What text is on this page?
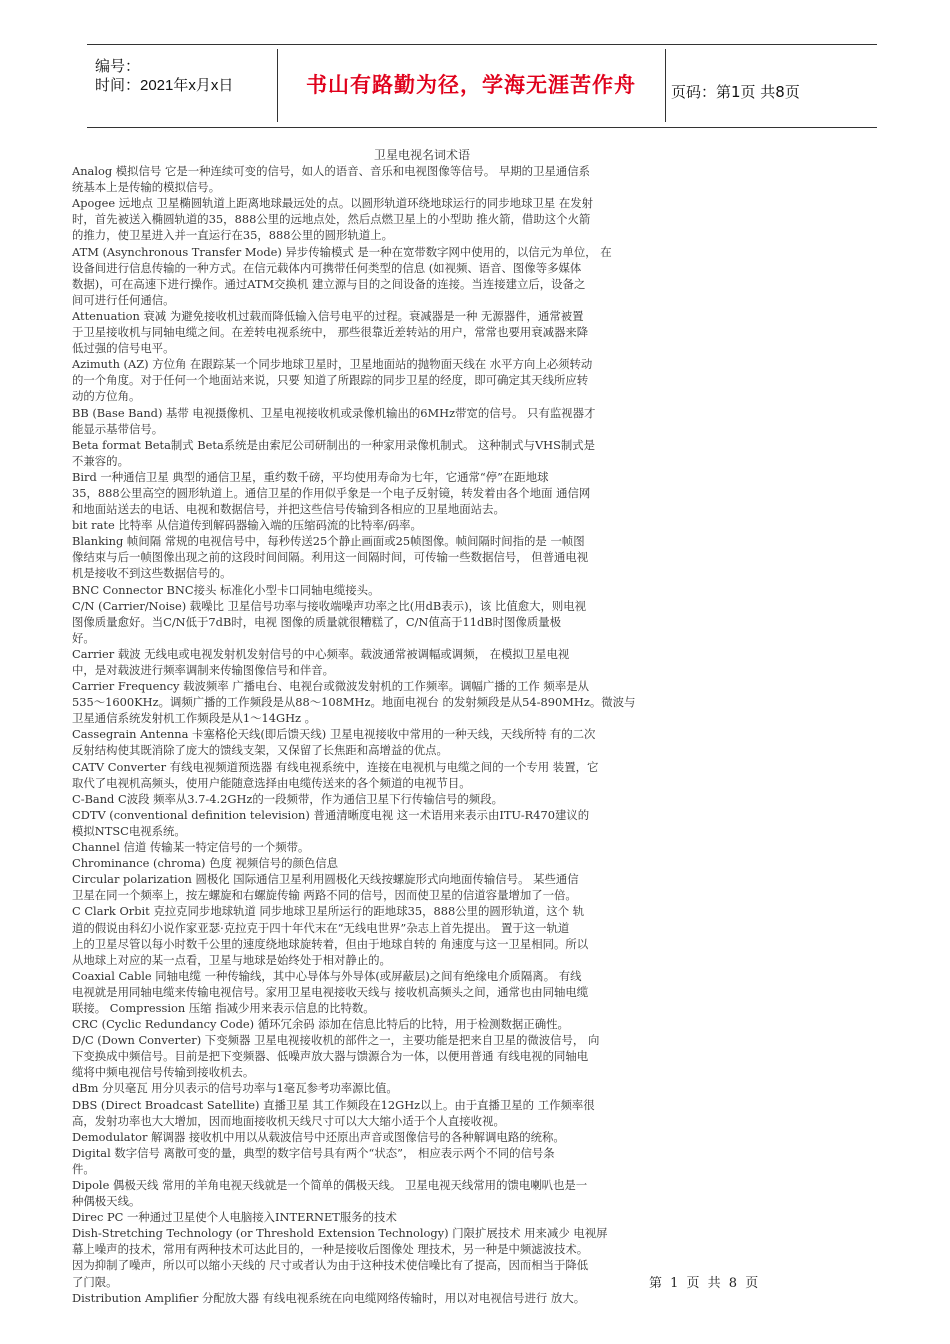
编号：
时间：2021年x月x日	书山有路勤为径，学海无涯苦作舟	页码：第1页 共8页
卫星电视名词术语

Analog 模拟信号 它是一种连续可变的信号，如人的语音、音乐和电视图像等信号。 早期的卫星通信系
统基本上是传输的模拟信号。

Apogee 远地点 卫星椭圆轨道上距离地球最远处的点。以圆形轨道环绕地球运行的同步地球卫星 在发射
时，首先被送入椭圆轨道的35，888公里的远地点处，然后点燃卫星上的小型助 推火箭，借助这个火箭
的推力，使卫星进入并一直运行在35，888公里的圆形轨道上。

ATM (Asynchronous Transfer Mode) 异步传输模式 是一种在宽带数字网中使用的，以信元为单位， 在
设备间进行信息传输的一种方式。在信元载体内可携带任何类型的信息 (如视频、语音、图像等多媒体
数据)，可在高速下进行操作。通过ATM交换机 建立源与目的之间设备的连接。当连接建立后，设备之
间可进行任何通信。

Attenuation 衰减 为避免接收机过载而降低输入信号电平的过程。衰减器是一种 无源器件，通常被置
于卫星接收机与同轴电缆之间。在差转电视系统中， 那些很靠近差转站的用户，常常也要用衰减器来降
低过强的信号电平。

Azimuth (AZ) 方位角 在跟踪某一个同步地球卫星时，卫星地面站的抛物面天线在 水平方向上必须转动
的一个角度。对于任何一个地面站来说，只要 知道了所跟踪的同步卫星的经度，即可确定其天线所应转
动的方位角。

BB (Base Band) 基带 电视摄像机、卫星电视接收机或录像机输出的6MHz带宽的信号。 只有监视器才
能显示基带信号。

Beta format Beta制式 Beta系统是由索尼公司研制出的一种家用录像机制式。 这种制式与VHS制式是
不兼容的。

Bird 一种通信卫星 典型的通信卫星，重约数千磅，平均使用寿命为七年，它通常“停”在距地球
35，888公里高空的圆形轨道上。通信卫星的作用似乎象是一个电子反射镜，转发着由各个地面 通信网
和地面站送去的电话、电视和数据信号，并把这些信号传输到各相应的卫星地面站去。

bit rate 比特率 从信道传到解码器输入端的压缩码流的比特率/码率。

Blanking 帧间隔 常规的电视信号中，每秒传送25个静止画面或25帧图像。帧间隔时间指的是 一帧图
像结束与后一帧图像出现之前的这段时间间隔。利用这一间隔时间，可传输一些数据信号， 但普通电视
机是接收不到这些数据信号的。

BNC Connector BNC接头 标准化小型卡口同轴电缆接头。

C/N (Carrier/Noise) 载噪比 卫星信号功率与接收端噪声功率之比(用dB表示)，该 比值愈大，则电视
图像质量愈好。当C/N低于7dB时，电视 图像的质量就很糟糕了，C/N值高于11dB时图像质量极
好。

Carrier 载波 无线电或电视发射机发射信号的中心频率。载波通常被调幅或调频， 在模拟卫星电视
中，是对载波进行频率调制来传输图像信号和伴音。

Carrier Frequency 载波频率 广播电台、电视台或微波发射机的工作频率。调幅广播的工作 频率是从
535～1600KHz。调频广播的工作频段是从88～108MHz。地面电视台 的发射频段是从54-890MHz。微波与
卫星通信系统发射机工作频段是从1～14GHz 。

Cassegrain Antenna 卡塞格伦天线(即后馈天线) 卫星电视接收中常用的一种天线，天线所特 有的二次
反射结构使其既消除了庞大的馈线支架，又保留了长焦距和高增益的优点。

CATV Converter 有线电视频道预选器 有线电视系统中，连接在电视机与电缆之间的一个专用 装置，它
取代了电视机高频头，使用户能随意选择由电缆传送来的各个频道的电视节目。

C-Band C波段 频率从3.7-4.2GHz的一段频带，作为通信卫星下行传输信号的频段。

CDTV (conventional definition television) 普通清晰度电视 这一术语用来表示由ITU-R470建议的
模拟NTSC电视系统。

Channel 信道 传输某一特定信号的一个频带。

Chrominance (chroma) 色度 视频信号的颜色信息

Circular polarization 圆极化 国际通信卫星利用圆极化天线按螺旋形式向地面传输信号。 某些通信
卫星在同一个频率上，按左螺旋和右螺旋传输 两路不同的信号，因而使卫星的信道容量增加了一倍。

C Clark Orbit 克拉克同步地球轨道 同步地球卫星所运行的距地球35，888公里的圆形轨道，这个 轨
道的假说由科幻小说作家亚瑟·克拉克于四十年代末在“无线电世界”杂志上首先提出。 置于这一轨道
上的卫星尽管以每小时数千公里的速度绕地球旋转着，但由于地球自转的 角速度与这一卫星相同。所以
从地球上对应的某一点看，卫星与地球是始终处于相对静止的。

Coaxial Cable 同轴电缆 一种传输线，其中心导体与外导体(或屏蔽层)之间有绝缘电介质隔离。 有线
电视就是用同轴电缆来传输电视信号。家用卫星电视接收天线与 接收机高频头之间，通常也由同轴电缆
联接。 Compression 压缩 指减少用来表示信息的比特数。

CRC (Cyclic Redundancy Code) 循环冗余码 添加在信息比特后的比特，用于检测数据正确性。

D/C (Down Converter) 下变频器 卫星电视接收机的部件之一，主要功能是把来自卫星的微波信号， 向
下变换成中频信号。目前是把下变频器、低噪声放大器与馈源合为一体，以便用普通 有线电视的同轴电
缆将中频电视信号传输到接收机去。

dBm 分贝毫瓦 用分贝表示的信号功率与1毫瓦参考功率源比值。

DBS (Direct Broadcast Satellite) 直播卫星 其工作频段在12GHz以上。由于直播卫星的 工作频率很
高，发射功率也大大增加，因而地面接收机天线尺寸可以大大缩小适于个人直接收视。

Demodulator 解调器 接收机中用以从载波信号中还原出声音或图像信号的各种解调电路的统称。

Digital 数字信号 离散可变的量，典型的数字信号具有两个“状态”， 相应表示两个不同的信号条
件。

Dipole 偶极天线 常用的羊角电视天线就是一个简单的偶极天线。 卫星电视天线常用的馈电喇叭也是一
种偶极天线。

Direc PC 一种通过卫星使个人电脑接入INTERNET服务的技术

Dish-Stretching Technology (or Threshold Extension Technology) 门限扩展技术 用来减少 电视屏
幕上噪声的技术，常用有两种技术可达此目的，一种是接收后图像处 理技术，另一种是中频滤波技术。
因为抑制了噪声，所以可以缩小天线的 尺寸或者认为由于这种技术使信噪比有了提高，因而相当于降低
了门限。

Distribution Amplifier 分配放大器 有线电视系统在向电缆网络传输时，用以对电视信号进行 放大。

第 1 页 共 8 页
